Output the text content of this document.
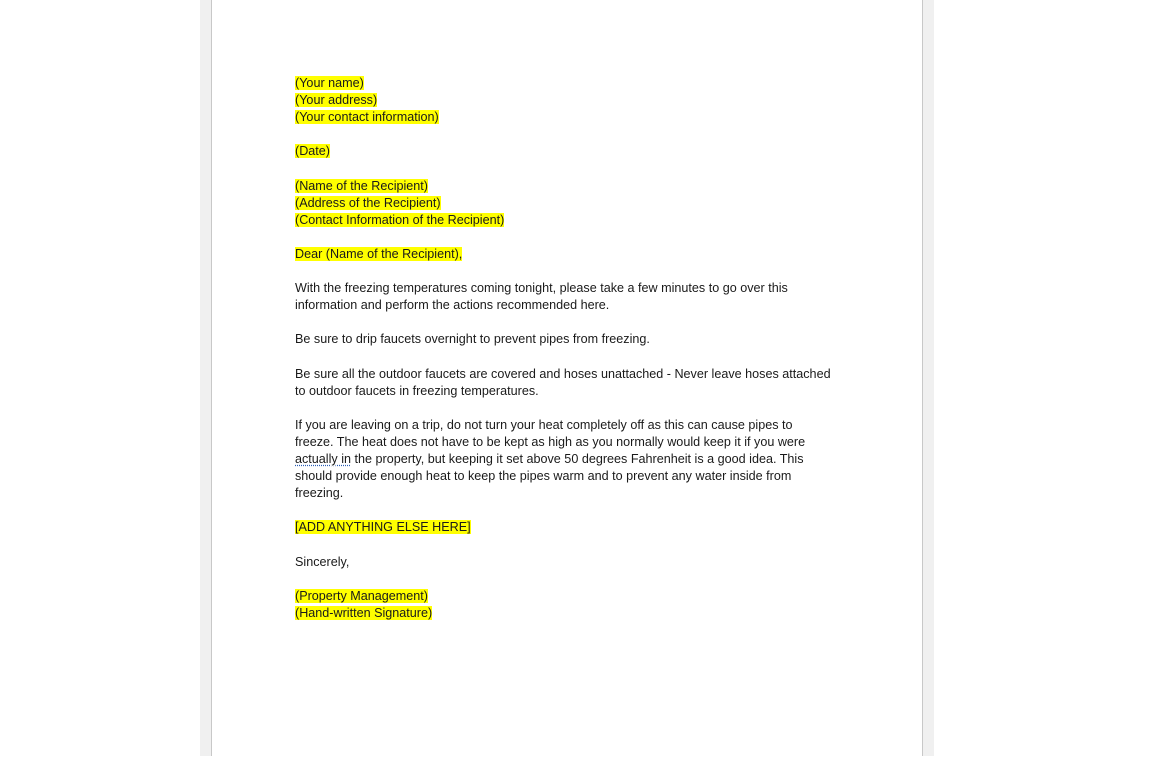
(Your name)
(Your address)
(Your contact information)
(Date)
(Name of the Recipient)
(Address of the Recipient)
(Contact Information of the Recipient)
Dear (Name of the Recipient),
With the freezing temperatures coming tonight, please take a few minutes to go over this
information and perform the actions recommended here.
Be sure to drip faucets overnight to prevent pipes from freezing.
Be sure all the outdoor faucets are covered and hoses unattached - Never leave hoses attached
to outdoor faucets in freezing temperatures.
If you are leaving on a trip, do not turn your heat completely off as this can cause pipes to
freeze. The heat does not have to be kept as high as you normally would keep it if you were
actually in the property, but keeping it set above 50 degrees Fahrenheit is a good idea. This
should provide enough heat to keep the pipes warm and to prevent any water inside from
freezing.
[ADD ANYTHING ELSE HERE]
Sincerely,
(Property Management)
(Hand-written Signature)
